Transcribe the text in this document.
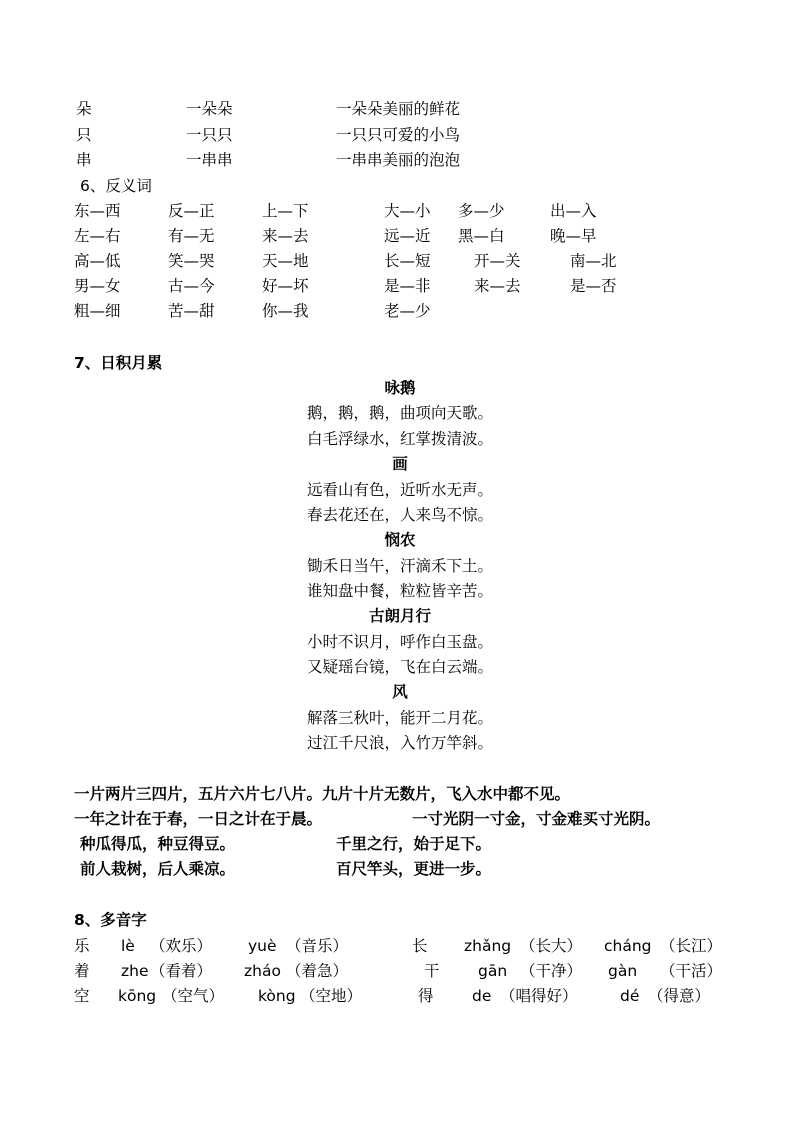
朵	一朵朵	一朵朵美丽的鲜花
只	一只只	一只只可爱的小鸟
串	一串串	一串串美丽的泡泡
6、反义词
东—西	反—正	上—下	大—小 多—少	出—入
左—右	有—无	来—去	远—近 黑—白	晚—早
高—低	笑—哭	天—地	长—短	开—关	南—北
男—女	古—今	好—坏	是—非	来—去	是—否
粗—细	苦—甜	你—我	老—少
7、日积月累
咏鹅
鹅，鹅，鹅，曲项向天歌。
白毛浮绿水，红掌拨清波。
画
远看山有色，近听水无声。
春去花还在，人来鸟不惊。
悯农
锄禾日当午，汗滴禾下土。
谁知盘中餐，粒粒皆辛苦。
古朗月行
小时不识月，呼作白玉盘。
又疑瑶台镜，飞在白云端。
风
解落三秋叶，能开二月花。
过江千尺浪，入竹万竿斜。
一片两片三四片，五片六片七八片。九片十片无数片，飞入水中都不见。
一年之计在于春，一日之计在于晨。	一寸光阴一寸金，寸金难买寸光阴。
种瓜得瓜，种豆得豆。	千里之行，始于足下。
前人栽树，后人乘凉。	百尺竿头，更进一步。
8、多音字
乐 lè （欢乐） yuè （音乐）	长 zhǎng （长大） cháng （长江）
着 zhe （看着） zháo （着急）	干 gān （干净） gàn （干活）
空 kōng （空气） kòng （空地）	得 de （唱得好）	dé （得意）
